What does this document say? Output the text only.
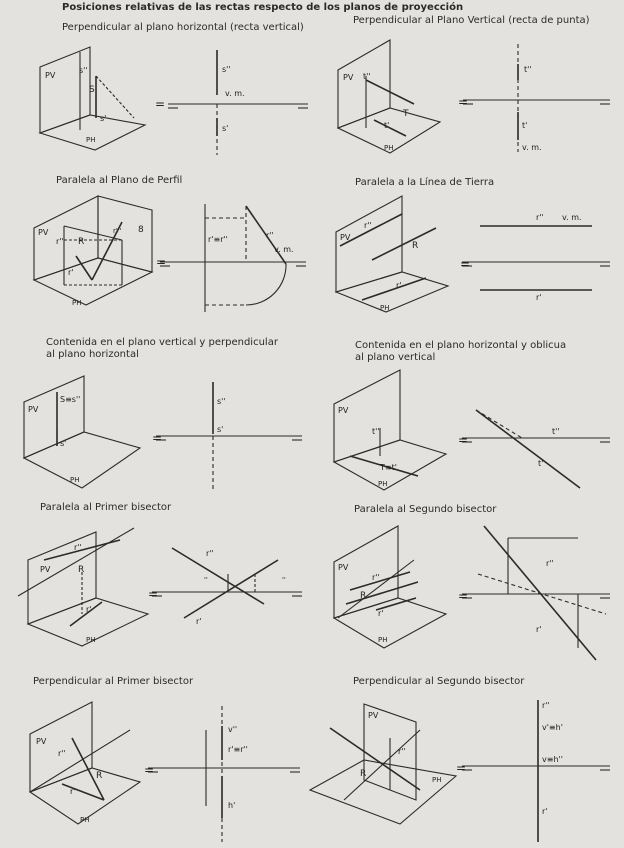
Posiciones relativas de las rectas respecto de los planos de proyección
Perpendicular al plano horizontal (recta vertical)
Perpendicular al Plano Vertical (recta de punta)
Paralela al Plano de Perfil	Paralela a la Línea de Tierra
Contenida en el plano vertical y perpendicular
al plano horizontal
Contenida en el plano horizontal y oblicua
al plano vertical
Paralela al Primer bisector	Paralela al Segundo bisector
Perpendicular al Primer bisector	Perpendicular al Segundo bisector
PV
PH
S
s''
s'
s''
v. m.
s'
PV
PH
T
t''
t'
t''
t'
v. m.
PV
PH
R
r''
r'
r''' 8
r'≡r''	r''
v. m.
PV
PH
R
r''
r'
r'' v. m.
r'
PV
PH
S≡s''
s'
s''
s'
PV
PH
t''
T≡t'
t''
t'
PV
PH
R
r''
r'
r''
r'
''	''
PV
PH
R
r''
r'
r''
r'
PV
PH
R
r''
r'
v''
r'≡r''
h'
PV
PH
R
r''
r''
v'≡h'
v≡h''
r'
=	=
=	=
=	=
=	=
=	=
